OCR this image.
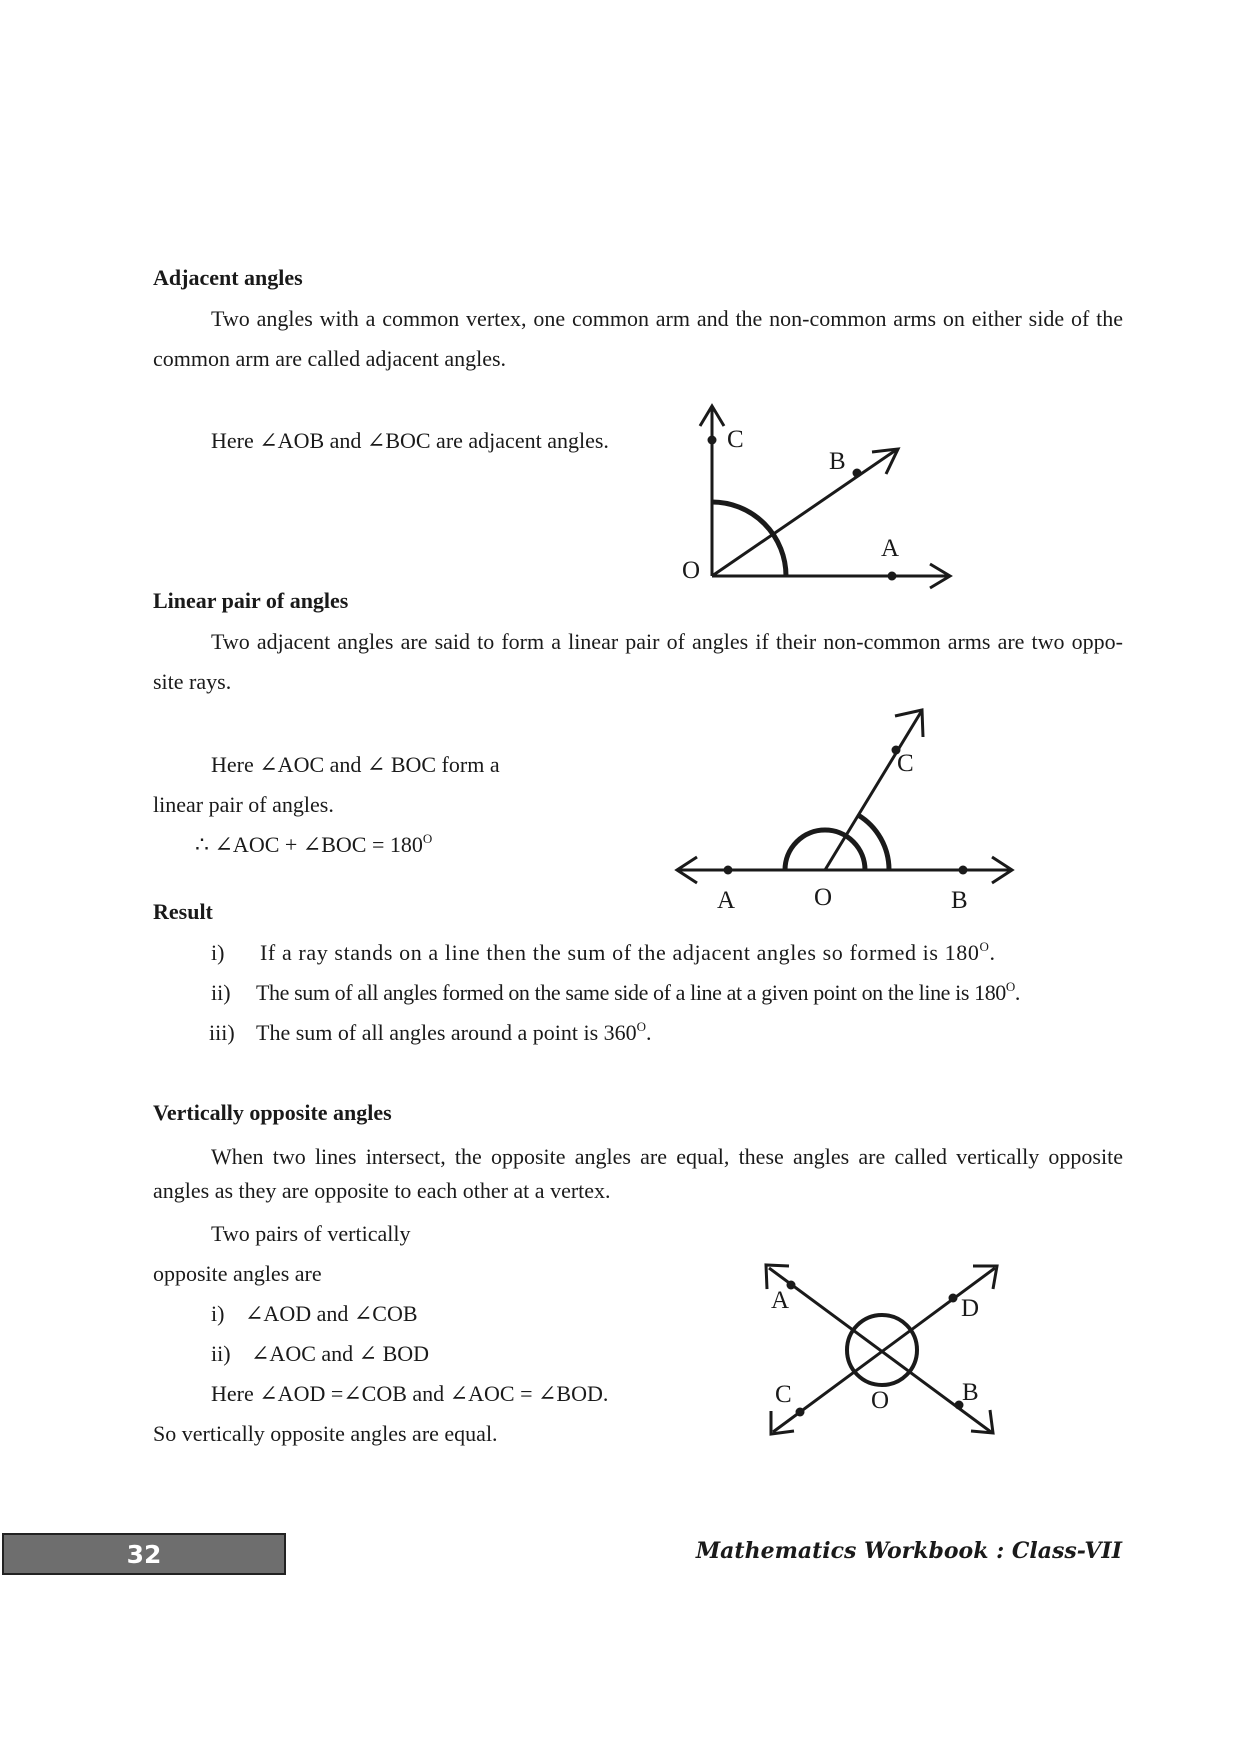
Adjacent angles
Two angles with a common vertex, one common arm and the non-common arms on either side of the common arm are called adjacent angles.
Here ∠AOB and ∠BOC are adjacent angles.	C
B
A
O
Linear pair of angles
Two adjacent angles are said to form a linear pair of angles if their non-common arms are two oppo- site rays.
Here ∠AOC and ∠ BOC form a
linear pair of angles.
∴ ∠AOC + ∠BOC = $180^O$
C
A	O	B
Result
i) If a ray stands on a line then the sum of the adjacent angles so formed is $180^O$.
ii) The sum of all angles formed on the same side of a line at a given point on the line is $180^O$.
iii) The sum of all angles around a point is $360^O$.
Vertically opposite angles
When two lines intersect, the opposite angles are equal, these angles are called vertically opposite angles as they are opposite to each other at a vertex.
Two pairs of vertically
opposite angles are
i) ∠AOD and ∠COB
ii) ∠AOC and ∠ BOD
Here ∠AOD =∠COB and ∠AOC = ∠BOD.
So vertically opposite angles are equal.
A	D
C	O	B
32	Mathematics Workbook : Class-VII
